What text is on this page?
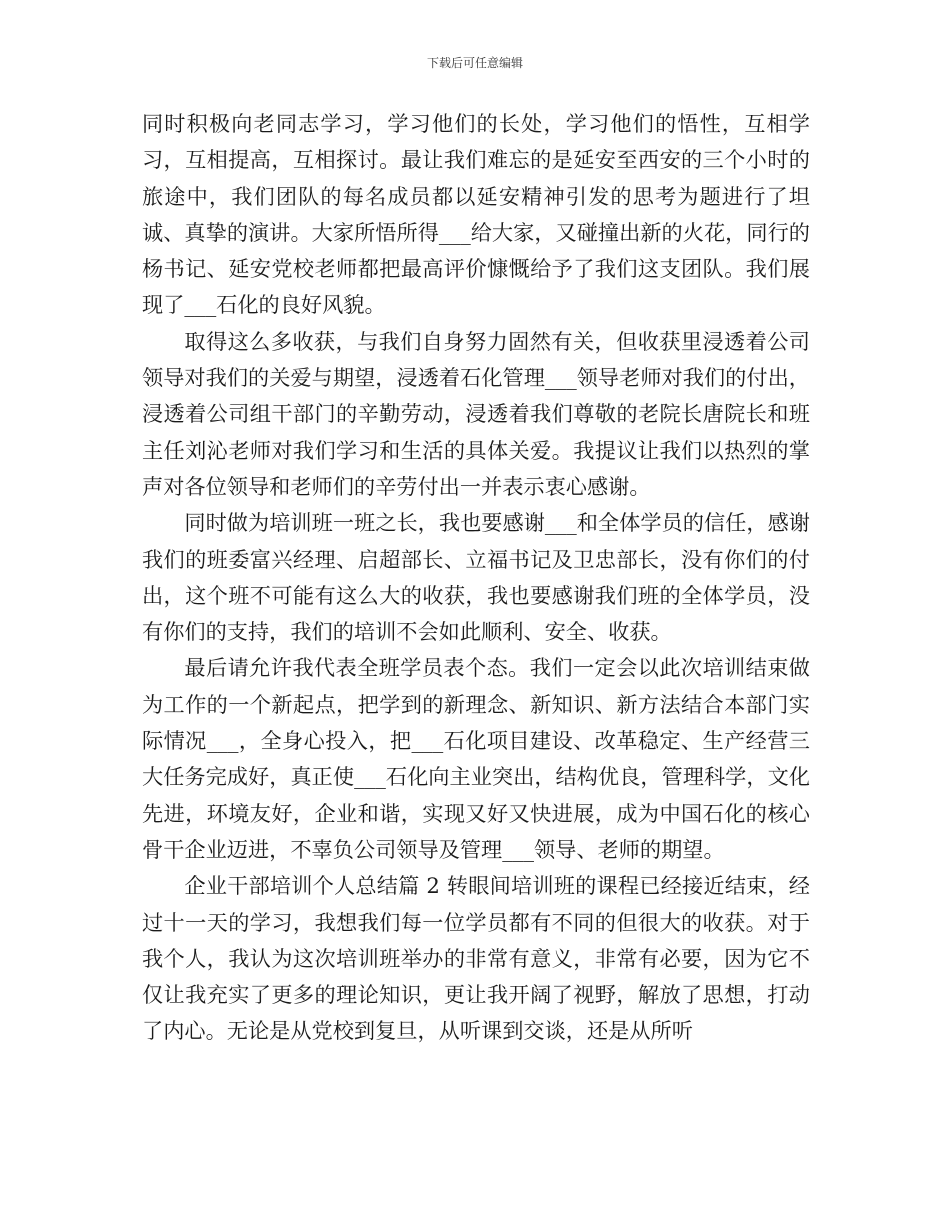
下载后可任意编辑

同时积极向老同志学习，学习他们的长处，学习他们的悟性，互相学习，互相提高，互相探讨。最让我们难忘的是延安至西安的三个小时的旅途中，我们团队的每名成员都以延安精神引发的思考为题进行了坦诚、真挚的演讲。大家所悟所得___给大家，又碰撞出新的火花，同行的杨书记、延安党校老师都把最高评价慷慨给予了我们这支团队。我们展现了___石化的良好风貌。

取得这么多收获，与我们自身努力固然有关，但收获里浸透着公司领导对我们的关爱与期望，浸透着石化管理___领导老师对我们的付出，浸透着公司组干部门的辛勤劳动，浸透着我们尊敬的老院长唐院长和班主任刘沁老师对我们学习和生活的具体关爱。我提议让我们以热烈的掌声对各位领导和老师们的辛劳付出一并表示衷心感谢。

同时做为培训班一班之长，我也要感谢___和全体学员的信任，感谢我们的班委富兴经理、启超部长、立福书记及卫忠部长，没有你们的付出，这个班不可能有这么大的收获，我也要感谢我们班的全体学员，没有你们的支持，我们的培训不会如此顺利、安全、收获。

最后请允许我代表全班学员表个态。我们一定会以此次培训结束做为工作的一个新起点，把学到的新理念、新知识、新方法结合本部门实际情况___，全身心投入，把___石化项目建设、改革稳定、生产经营三大任务完成好，真正使___石化向主业突出，结构优良，管理科学，文化先进，环境友好，企业和谐，实现又好又快进展，成为中国石化的核心骨干企业迈进，不辜负公司领导及管理___领导、老师的期望。

企业干部培训个人总结篇 2 转眼间培训班的课程已经接近结束，经过十一天的学习，我想我们每一位学员都有不同的但很大的收获。对于我个人，我认为这次培训班举办的非常有意义，非常有必要，因为它不仅让我充实了更多的理论知识，更让我开阔了视野，解放了思想，打动了内心。无论是从党校到复旦，从听课到交谈，还是从所听
